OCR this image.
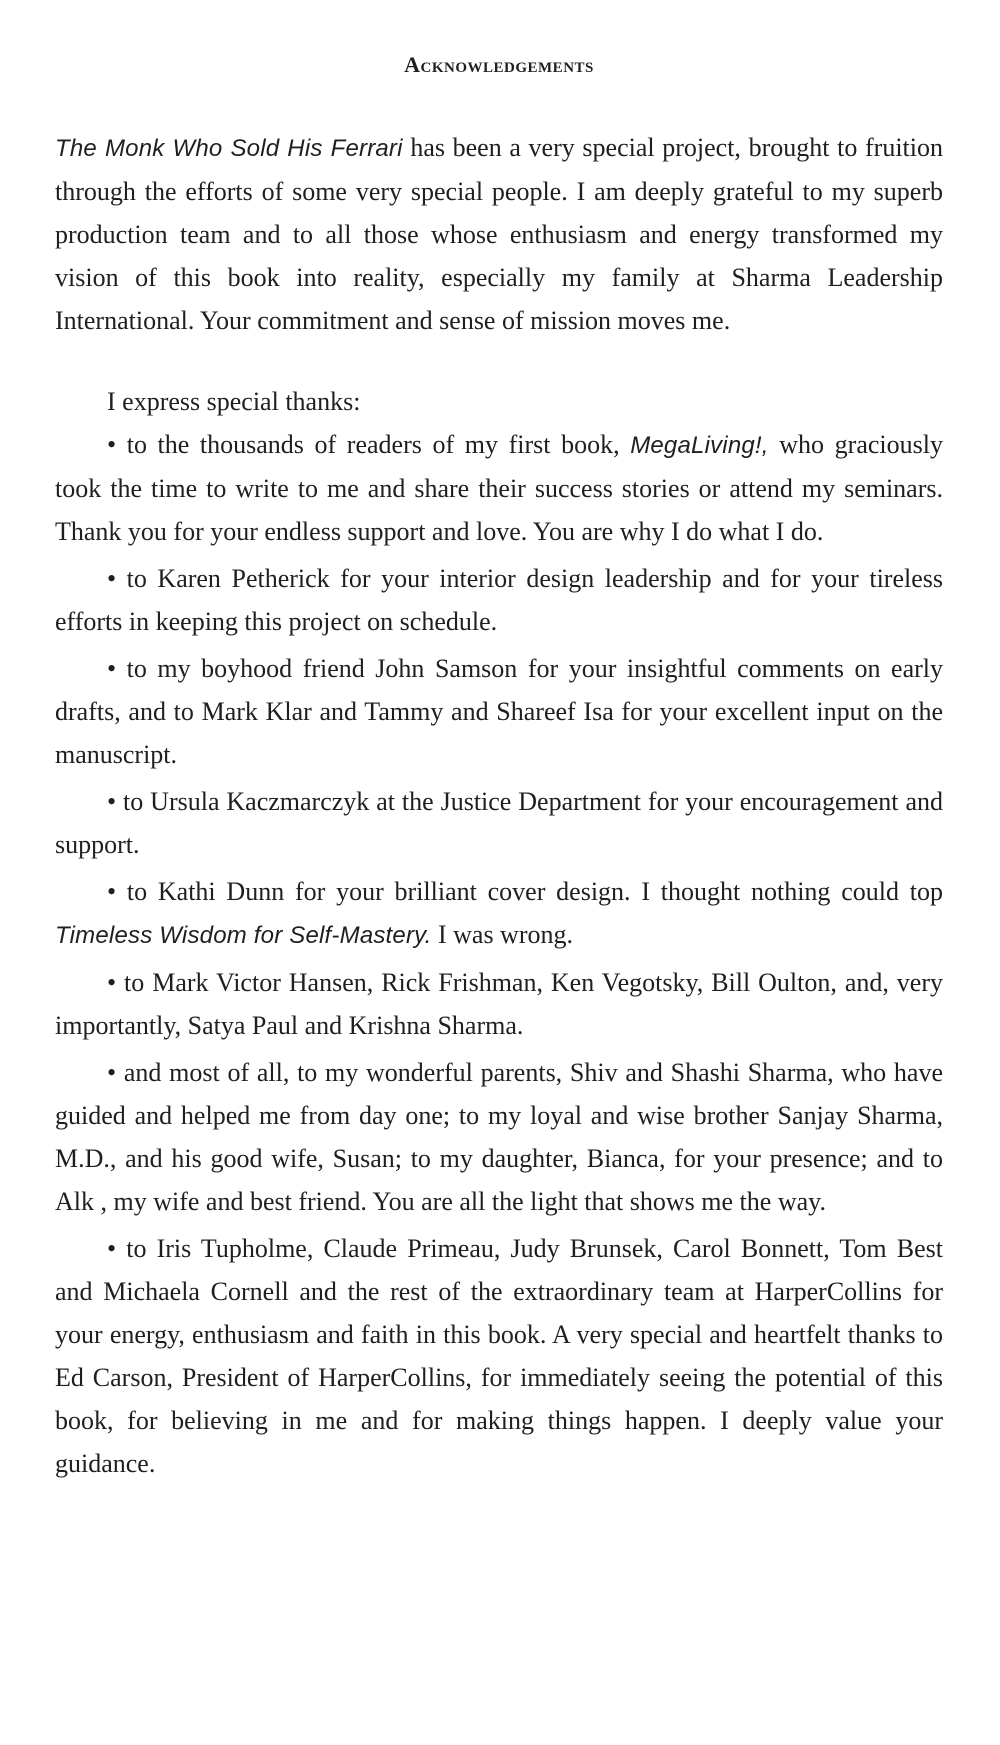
Acknowledgements

The Monk Who Sold His Ferrari has been a very special project, brought to fruition through the efforts of some very special people. I am deeply grateful to my superb production team and to all those whose enthusiasm and energy transformed my vision of this book into reality, especially my family at Sharma Leadership International. Your commitment and sense of mission moves me.

I express special thanks:

• to the thousands of readers of my first book, MegaLiving!, who graciously took the time to write to me and share their success stories or attend my seminars. Thank you for your endless support and love. You are why I do what I do.

• to Karen Petherick for your interior design leadership and for your tireless efforts in keeping this project on schedule.

• to my boyhood friend John Samson for your insightful comments on early drafts, and to Mark Klar and Tammy and Shareef Isa for your excellent input on the manuscript.

• to Ursula Kaczmarczyk at the Justice Department for your encouragement and support.

• to Kathi Dunn for your brilliant cover design. I thought nothing could top Timeless Wisdom for Self-Mastery. I was wrong.

• to Mark Victor Hansen, Rick Frishman, Ken Vegotsky, Bill Oulton, and, very importantly, Satya Paul and Krishna Sharma.

• and most of all, to my wonderful parents, Shiv and Shashi Sharma, who have guided and helped me from day one; to my loyal and wise brother Sanjay Sharma, M.D., and his good wife, Susan; to my daughter, Bianca, for your presence; and to Alk , my wife and best friend. You are all the light that shows me the way.

• to Iris Tupholme, Claude Primeau, Judy Brunsek, Carol Bonnett, Tom Best and Michaela Cornell and the rest of the extraordinary team at HarperCollins for your energy, enthusiasm and faith in this book. A very special and heartfelt thanks to Ed Carson, President of HarperCollins, for immediately seeing the potential of this book, for believing in me and for making things happen. I deeply value your guidance.
